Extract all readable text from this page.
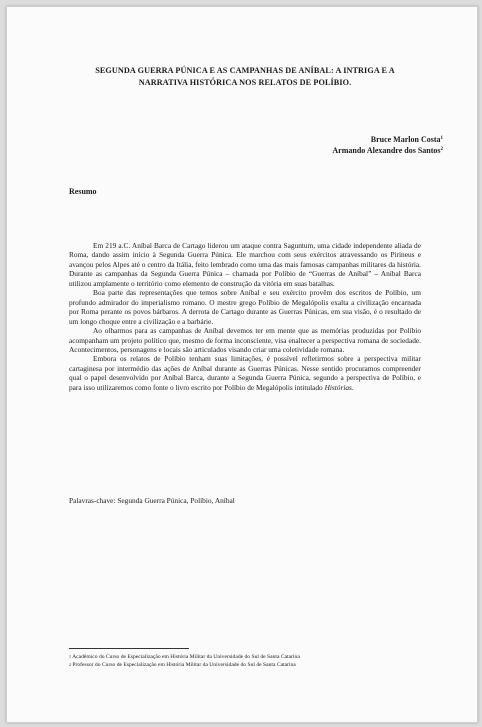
SEGUNDA GUERRA PÚNICA E AS CAMPANHAS DE ANÍBAL: A INTRIGA E A
NARRATIVA HISTÓRICA NOS RELATOS DE POLÍBIO.
Bruce Marlon Costa$^1$
Armando Alexandre dos Santos$^2$
Resumo

Em 219 a.C. Aníbal Barca de Cartago liderou um ataque contra Saguntum, uma cidade independente aliada de Roma, dando assim início à Segunda Guerra Púnica. Ele marchou com seus exércitos atravessando os Pirineus e avançou pelos Alpes até o centro da Itália, feito lembrado como uma das mais famosas campanhas militares da história. Durante as campanhas da Segunda Guerra Púnica – chamada por Políbio de “Guerras de Aníbal” – Aníbal Barca utilizou amplamente o território como elemento de construção da vitória em suas batalhas.

Boa parte das representações que temos sobre Aníbal e seu exército provêm dos escritos de Políbio, um profundo admirador do imperialismo romano. O mestre grego Políbio de Megalópolis exalta a civilização encarnada por Roma perante os povos bárbaros. A derrota de Cartago durante as Guerras Púnicas, em sua visão, é o resultado de um longo choque entre a civilização e a barbárie.

Ao olharmos para as campanhas de Aníbal devemos ter em mente que as memórias produzidas por Políbio acompanham um projeto político que, mesmo de forma inconsciente, visa enaltecer a perspectiva romana de sociedade. Acontecimentos, personagens e locais são articulados visando criar uma coletividade romana.

Embora os relatos de Políbio tenham suas limitações, é possível refletirmos sobre a perspectiva militar cartaginesa por intermédio das ações de Aníbal durante as Guerras Púnicas. Nesse sentido procuramos compreender qual o papel desenvolvido por Aníbal Barca, durante a Segunda Guerra Púnica, segundo a perspectiva de Políbio, e para isso utilizaremos como fonte o livro escrito por Políbio de Megalópolis intitulado Histórias.

Palavras-chave: Segunda Guerra Púnica, Políbio, Aníbal
$^1$ Acadêmico do Curso de Especialização em História Militar da Universidade do Sul de Santa Catarina
$^2$ Professor do Curso de Especialização em História Militar da Universidade do Sul de Santa Catarina
